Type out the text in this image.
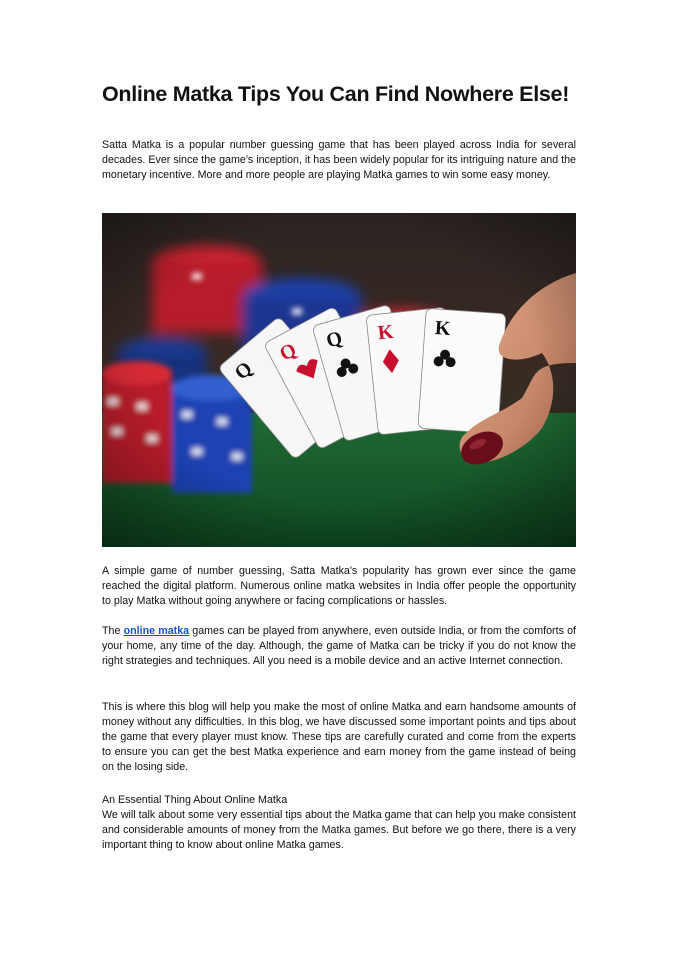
Online Matka Tips You Can Find Nowhere Else!

Satta Matka is a popular number guessing game that has been played across India for several decades. Ever since the game's inception, it has been widely popular for its intriguing nature and the monetary incentive. More and more people are playing Matka games to win some easy money.

A simple game of number guessing, Satta Matka's popularity has grown ever since the game reached the digital platform. Numerous online matka websites in India offer people the opportunity to play Matka without going anywhere or facing complications or hassles.

The online matka games can be played from anywhere, even outside India, or from the comforts of your home, any time of the day. Although, the game of Matka can be tricky if you do not know the right strategies and techniques. All you need is a mobile device and an active Internet connection.

This is where this blog will help you make the most of online Matka and earn handsome amounts of money without any difficulties. In this blog, we have discussed some important points and tips about the game that every player must know. These tips are carefully curated and come from the experts to ensure you can get the best Matka experience and earn money from the game instead of being on the losing side.

An Essential Thing About Online Matka

We will talk about some very essential tips about the Matka game that can help you make consistent and considerable amounts of money from the Matka games. But before we go there, there is a very important thing to know about online Matka games.
